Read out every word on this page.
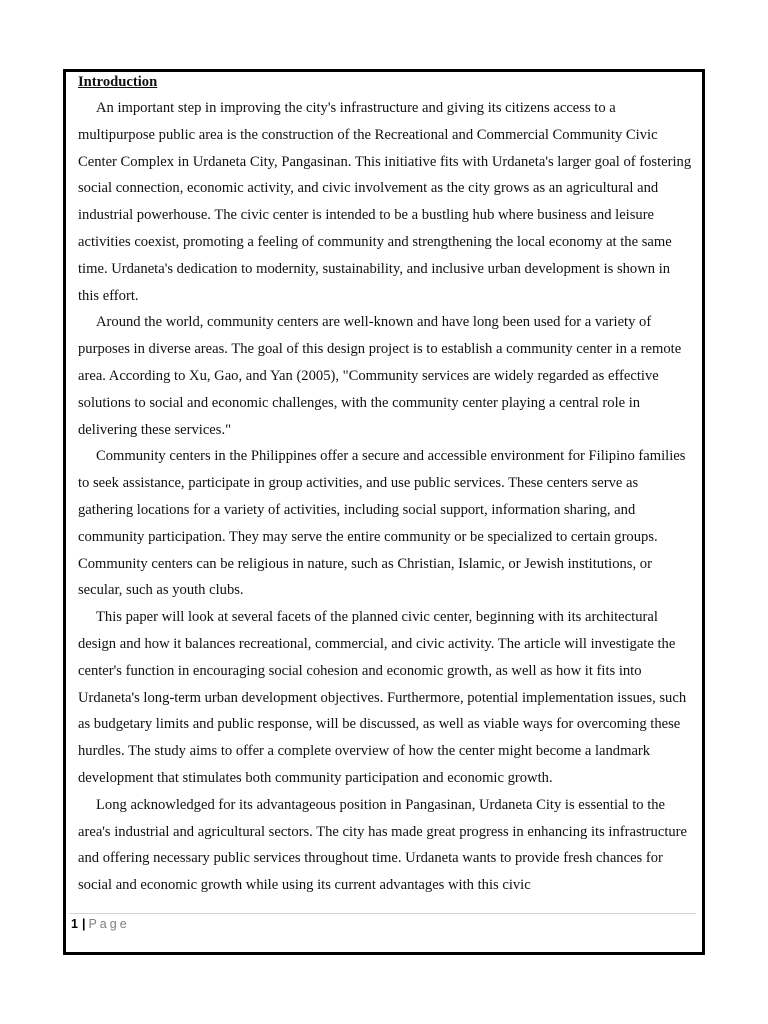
Introduction

An important step in improving the city's infrastructure and giving its citizens access to a multipurpose public area is the construction of the Recreational and Commercial Community Civic Center Complex in Urdaneta City, Pangasinan. This initiative fits with Urdaneta's larger goal of fostering social connection, economic activity, and civic involvement as the city grows as an agricultural and industrial powerhouse. The civic center is intended to be a bustling hub where business and leisure activities coexist, promoting a feeling of community and strengthening the local economy at the same time. Urdaneta's dedication to modernity, sustainability, and inclusive urban development is shown in this effort.

Around the world, community centers are well-known and have long been used for a variety of purposes in diverse areas. The goal of this design project is to establish a community center in a remote area. According to Xu, Gao, and Yan (2005), "Community services are widely regarded as effective solutions to social and economic challenges, with the community center playing a central role in delivering these services."

Community centers in the Philippines offer a secure and accessible environment for Filipino families to seek assistance, participate in group activities, and use public services. These centers serve as gathering locations for a variety of activities, including social support, information sharing, and community participation. They may serve the entire community or be specialized to certain groups. Community centers can be religious in nature, such as Christian, Islamic, or Jewish institutions, or secular, such as youth clubs.

This paper will look at several facets of the planned civic center, beginning with its architectural design and how it balances recreational, commercial, and civic activity. The article will investigate the center's function in encouraging social cohesion and economic growth, as well as how it fits into Urdaneta's long-term urban development objectives. Furthermore, potential implementation issues, such as budgetary limits and public response, will be discussed, as well as viable ways for overcoming these hurdles. The study aims to offer a complete overview of how the center might become a landmark development that stimulates both community participation and economic growth.

Long acknowledged for its advantageous position in Pangasinan, Urdaneta City is essential to the area's industrial and agricultural sectors. The city has made great progress in enhancing its infrastructure and offering necessary public services throughout time. Urdaneta wants to provide fresh chances for social and economic growth while using its current advantages with this civic

1 | Page
